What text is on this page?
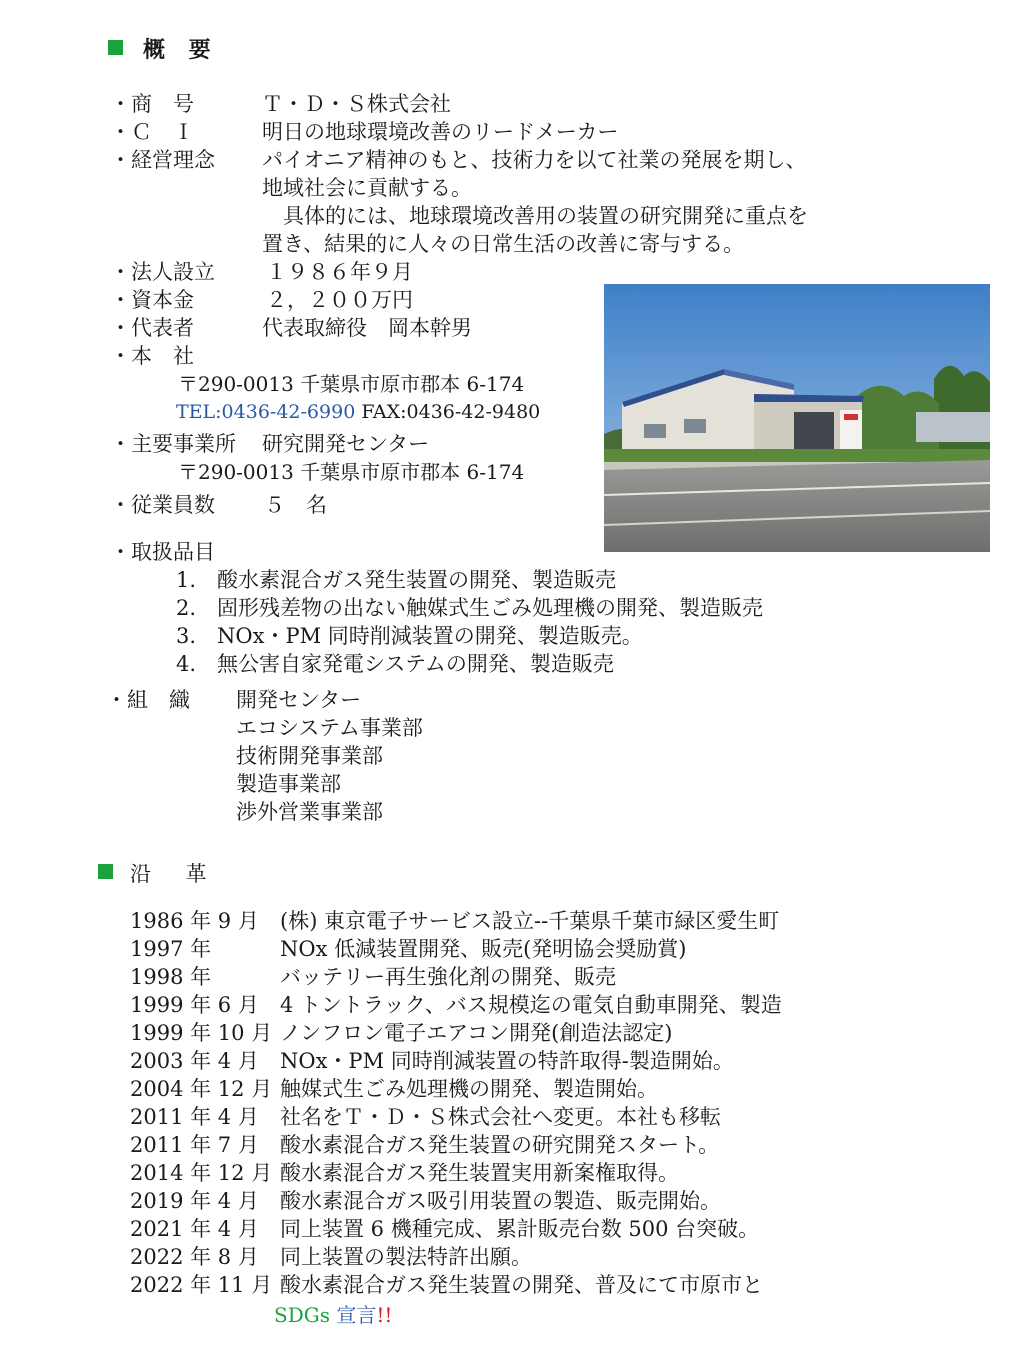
概 要
・商　号	Ｔ・Ｄ・Ｓ株式会社
・Ｃ　Ｉ	明日の地球環境改善のリードメーカー
・経営理念 パイオニア精神のもと、技術力を以て社業の発展を期し、
地域社会に貢献する。
　具体的には、地球環境改善用の装置の研究開発に重点を
置き、結果的に人々の日常生活の改善に寄与する。
・法人設立 １９８６年９月
・資本金	２，２００万円
・代表者	代表取締役　岡本幹男
・本　社
〒290-0013 千葉県市原市郡本 6-174
TEL:0436-42-6990 FAX:0436-42-9480
・主要事業所 研究開発センター
〒290-0013 千葉県市原市郡本 6-174
・従業員数 ５　名
・取扱品目
1.　酸水素混合ガス発生装置の開発、製造販売
2.　固形残差物の出ない触媒式生ごみ処理機の開発、製造販売
3.　NOx・PM 同時削減装置の開発、製造販売。
4.　無公害自家発電システムの開発、製造販売
・組　織 開発センター
エコシステム事業部
技術開発事業部
製造事業部
渉外営業事業部
沿 革
1986 年 9 月 (株) 東京電子サービス設立--千葉県千葉市緑区愛生町
1997 年	NOx 低減装置開発、販売(発明協会奨励賞)
1998 年	バッテリー再生強化剤の開発、販売
1999 年 6 月 4 トントラック、バス規模迄の電気自動車開発、製造
1999 年 10 月 ノンフロン電子エアコン開発(創造法認定)
2003 年 4 月 NOx・PM 同時削減装置の特許取得-製造開始。
2004 年 12 月 触媒式生ごみ処理機の開発、製造開始。
2011 年 4 月 社名をＴ・Ｄ・Ｓ株式会社へ変更。本社も移転
2011 年 7 月 酸水素混合ガス発生装置の研究開発スタート。
2014 年 12 月 酸水素混合ガス発生装置実用新案権取得。
2019 年 4 月 酸水素混合ガス吸引用装置の製造、販売開始。
2021 年 4 月 同上装置 6 機種完成、累計販売台数 500 台突破。
2022 年 8 月 同上装置の製法特許出願。
2022 年 11 月 酸水素混合ガス発生装置の開発、普及にて市原市と
SDGs 宣言!!
